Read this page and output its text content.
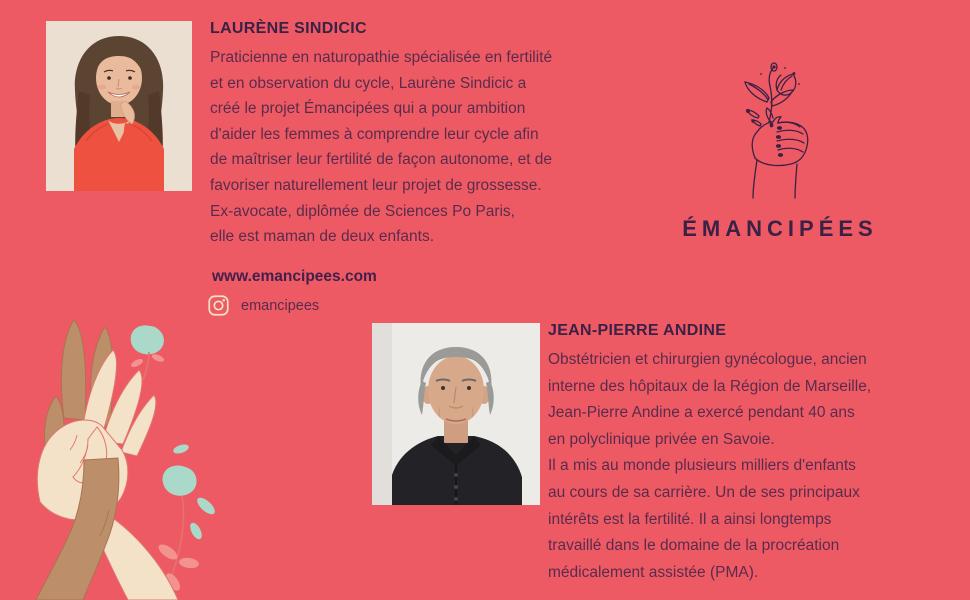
LAURÈNE SINDICIC
Praticienne en naturopathie spécialisée en fertilité
et en observation du cycle, Laurène Sindicic a
créé le projet Émancipées qui a pour ambition
d'aider les femmes à comprendre leur cycle afin
de maîtriser leur fertilité de façon autonome, et de
favoriser naturellement leur projet de grossesse.
Ex-avocate, diplômée de Sciences Po Paris,
elle est maman de deux enfants.
www.emancipees.com
emancipees
ÉMANCIPÉES
JEAN-PIERRE ANDINE
Obstétricien et chirurgien gynécologue, ancien
interne des hôpitaux de la Région de Marseille,
Jean-Pierre Andine a exercé pendant 40 ans
en polyclinique privée en Savoie.
Il a mis au monde plusieurs milliers d'enfants
au cours de sa carrière. Un de ses principaux
intérêts est la fertilité. Il a ainsi longtemps
travaillé dans le domaine de la procréation
médicalement assistée (PMA).
